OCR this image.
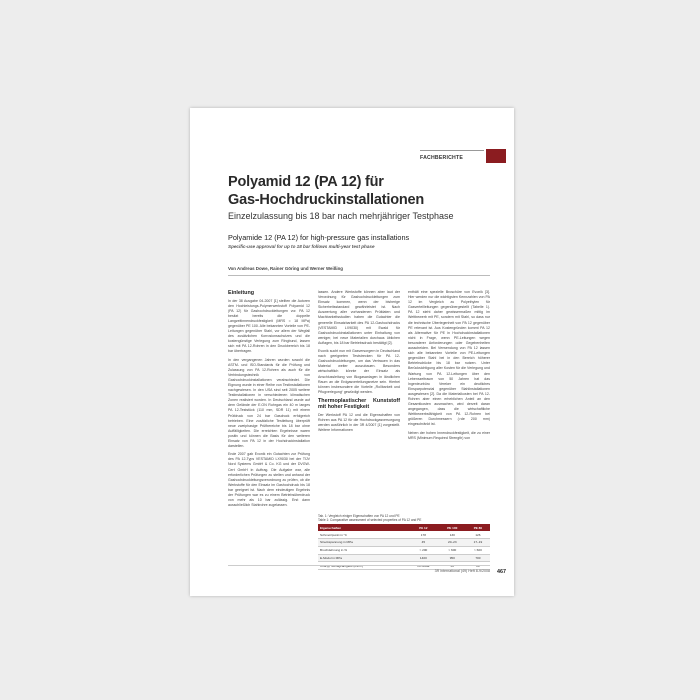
FACHBERICHTE
Polyamid 12 (PA 12) für
Gas-Hochdruckinstallationen
Einzelzulassung bis 18 bar nach mehrjähriger Testphase
Polyamide 12 (PA 12) for high-pressure gas installations
Specific-use approval for up to 18 bar follows multi-year test phase
Von Andreas Dowe, Rainer Göring und Werner Weißing
Einleitung

In der 38 Ausgabe 04-2007 [1] stellten die Autoren den Hochleistungs-Polymerwerkstoff Polyamid 12 (PA 12) für Gashochdruckleitungen vor. PA 12 besitzt bereits die doppelte Langzeitinnendruckfestigkeit (MRS = 18 MPa) gegenüber PE 100. Alle bekannten Vorteile von PE-Leitungen gegenüber Stahl, vor allem der Wegfall des zusätzlichen Korrosionsschutzes und die kostengünstige Verlegung zum Ringbund, lassen sich mit PA 12-Rohren in den Druckbereich bis 18 bar übertragen.

In den vergangenen Jahren wurden sowohl die ASTM- und ISO-Standards für die Prüfung und Zulassung von PA 12-Rohren als auch für die Verbindungstechnik von Gashochdruckinstallationen verabschiedet. Die Eignung wurde in einer Reihe von Testinstallationen nachgewiesen. In den USA sind seit 2005 weitere Testinstallationen in verschiedenen klimatischen Zonen realisiert worden. In Deutschland wurde auf dem Gelände der E.ON Ruhrgas ein 40 m langes PA 12-Teststück (110 mm, SDR 11) mit einem Prüfdruck von 24 bar Gasdruck erfolgreich betrieben. Eine zusätzliche Testleitung überprüft neue zweiphasige Prüfbereiche bis 18 bar ohne Auffälligkeiten. Die erreichten Ergebnisse waren positiv und können die Basis für den weiteren Einsatz von PA 12 in der Hochdruckinstallation darstellen.

Ende 2007 gab Evonik ein Gutachten zur Prüfung des PA 12-Typs VESTAMID LX9030 bei der TÜV Nord Systems GmbH & Co. KG und der DVGW-Cert GmbH in Auftrag. Die Aufgabe war, alle erforderlichen Prüfungen zu stellen und anhand der Gashochdruckleitungsverordnung zu prüfen, ob die Werkstoffe für den Einsatz im Gashochdruck bis 18 bar geeignet ist. Nach dem eindeutigen Ergebnis der Prüfungen war es zu einem Betriebsüberdruck von mehr als 10 bar zulässig. Erst dann ausschließlich Stahlrohre zugelassen.

lassen. Andere Werkstoffe können aber laut der Verordnung für Gashochdruckleitungen zum Einsatz kommen, wenn der bisherige Sicherheitsstandard gewährleistet ist. Nach Auswertung aller vorhandenen Prüfdaten und Machbarkeitsstudien haben die Gutachter die generelle Einsatzbarkeit des PA 12-Gashochdrucks (VESTAMID LX9030) mit Ewald für Gashochdruckinstallationen unter Einhaltung von weniger, bei neue Materialien durchaus üblichen Auflagen, bis 18 bar Betriebsdruck bestätigt [2].

Evonik sucht nun mit Gasversorgern in Deutschland nach geeigneten Teststrecken für PA 12-Gashochdruckleitungen, um das Vertrauen in das Material weiter auszubauen. Besonders wirtschaftlich könnte der Einsatz als Anschlussleitung von Biogasanlagen in ländlichen Raum an die Erdgasverteilungsnetze sein. Hierbei können insbesondere die Vorteile „Rollbarkeit und Pflugverlegung“ gewürdigt werden.

Thermoplastischer Kunststoff mit hoher Festigkeit

Der Werkstoff PA 12 und die Eigenschaften von Rohren aus PA 12 für die Hochdruckgasversorgung werden ausführlich in der 3R 4/2007 [1] vorgestellt. Weitere Informationen

enthält eine spezielle Broschüre von Evonik [3]. Hier werden nur die wichtigsten Kennzahlen von PA 12 im Vergleich zu Polyethylen für Gasverteilleitungen gegenübergestellt (Tabelle 1). PA 12 steht daher gewissermaßen mittig im Wettbewerb mit PE, sondern mit Stahl, so dass nur die technische Überlegenheit von PA 12 gegenüber PE relevant ist. Aus Kostengründen kommt PA 12 als Alternative für PE in Hochdruckinstallationen nicht in Frage, wenn PE-Leitungen wegen besonderer Anforderungen oder Gegebenheiten ausscheiden. Bei Verwendung von PA 12 lassen sich alle bekannten Vorteile von PE-Leitungen gegenüber Stahl bei in den Bereich höherer Betriebsdrücke bis 18 bar nutzen. Unter Berücksichtigung aller Kosten für die Verlegung und Wartung von PA 12-Leitungen über den Lebenszeitraum von 50 Jahren hat das Ingenieurbüro Vereker ein deutliches Einsparpotenzial gegenüber Stahlinstallationen ausgewiesen [2]. Da die Materialkosten bei PA 12-Rohren aber einen erheblichen Anteil an den Gesamtkosten ausmachen, wird derzeit daran angegangen, dass die wirtschaftliche Wettbewerbsfähigkeit von PA 12-Rohren bei größeren Durchmessern (>de 200 mm) eingeschränkt ist.

Neben der hohen Innendruckfestigkeit, die zu einer MRS (Minimum Required Strength) von

Tab. 1: Vergleich einiger Eigenschaften von PA 12 und PE
Table 1: Comparative assessment of selected properties of PA 12 and PE
Eigenschaften	PA 12	PE 100	PE 80
Schmelzpunkt in °C	178	130	126
Streckspannung in MPa	45	20–23	17–19
Bruchdehnung in %	> 200	> 600	> 600
E-Modul in MPa	1400	950	700
Charpy Schlagzähigkeit (kJ/m²)	no break	30	20
3R international (49) Heft 8-9/2008 467
